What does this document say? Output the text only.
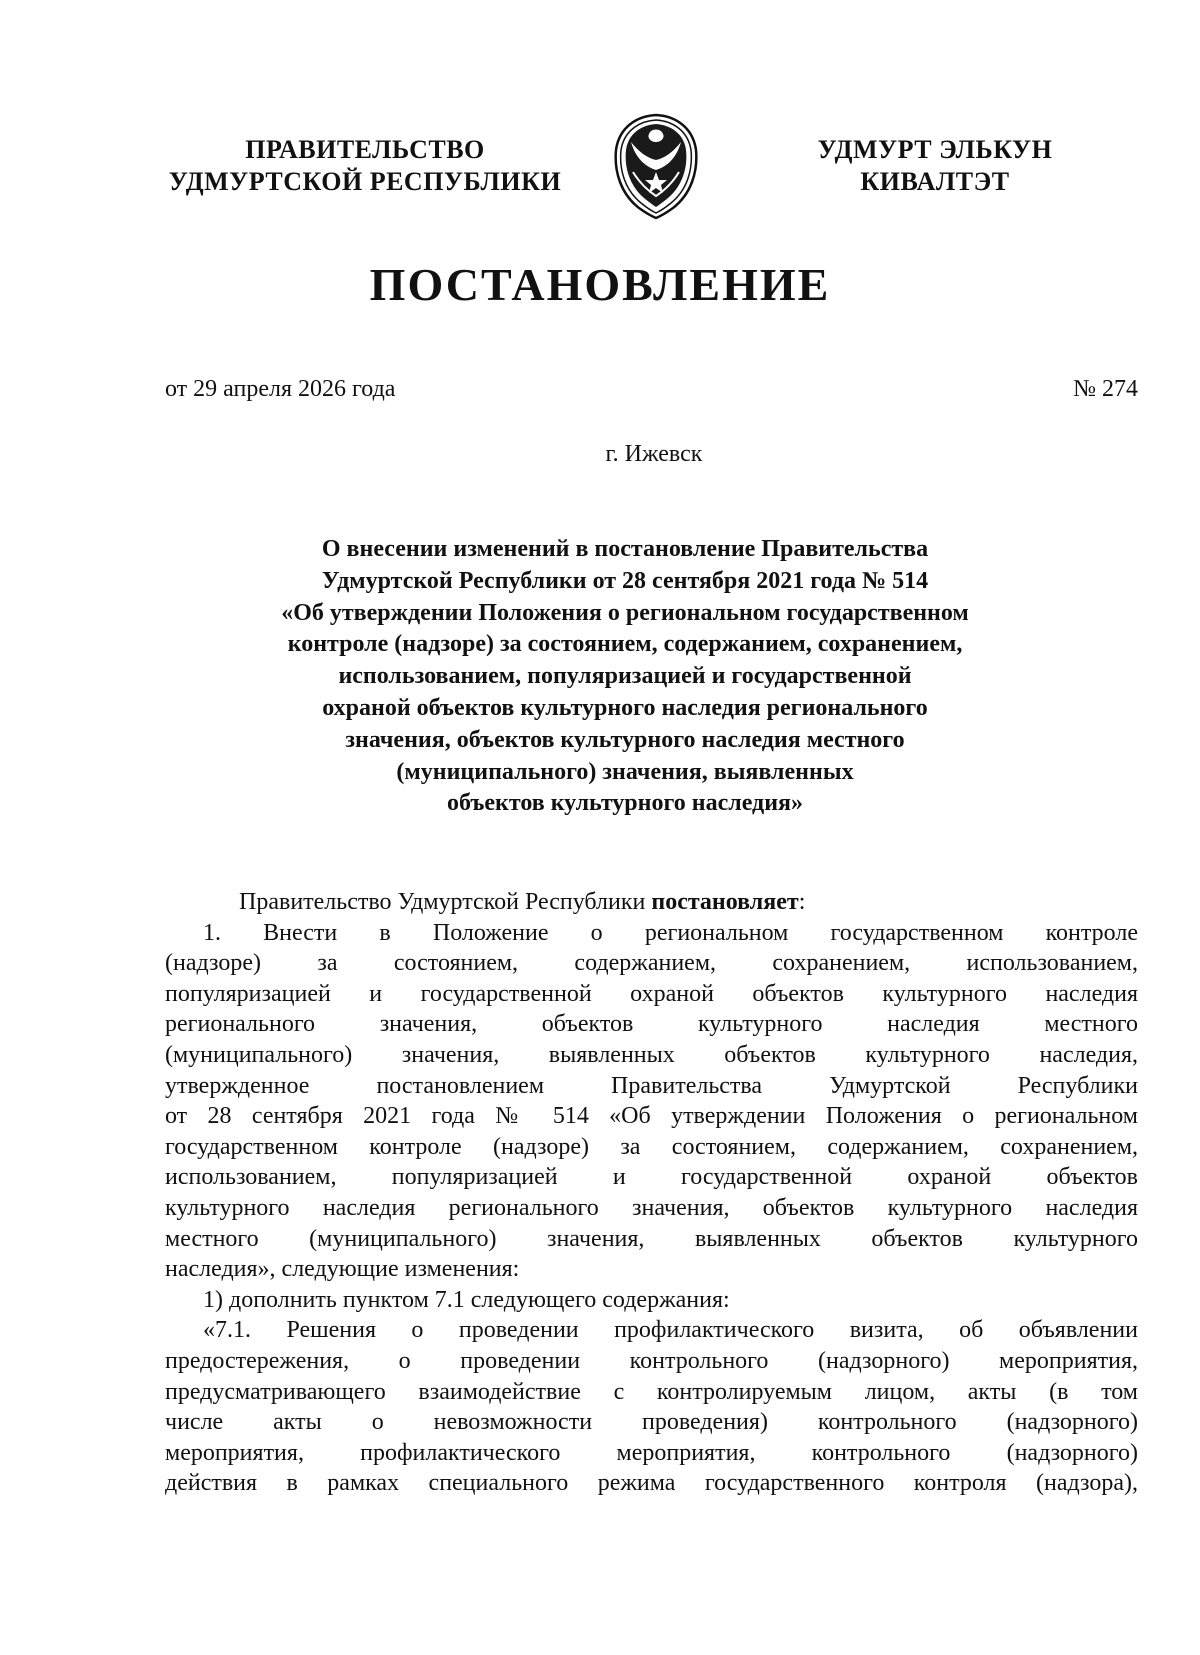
ПРАВИТЕЛЬСТВО
УДМУРТСКОЙ РЕСПУБЛИКИ
УДМУРТ ЭЛЬКУН
КИВАЛТЭТ
ПОСТАНОВЛЕНИЕ
от 29 апреля 2026 года	№ 274
г. Ижевск
О внесении изменений в постановление Правительства
Удмуртской Республики от 28 сентября 2021 года № 514
«Об утверждении Положения о региональном государственном
контроле (надзоре) за состоянием, содержанием, сохранением,
использованием, популяризацией и государственной
охраной объектов культурного наследия регионального
значения, объектов культурного наследия местного
(муниципального) значения, выявленных
объектов культурного наследия»

Правительство Удмуртской Республики постановляет:

1. Внести в Положение о региональном государственном контроле

(надзоре) за состоянием, содержанием, сохранением, использованием,

популяризацией и государственной охраной объектов культурного наследия

регионального значения, объектов культурного наследия местного

(муниципального) значения, выявленных объектов культурного наследия,

утвержденное постановлением Правительства Удмуртской Республики

от 28 сентября 2021 года № 514 «Об утверждении Положения о региональном

государственном контроле (надзоре) за состоянием, содержанием, сохранением,

использованием, популяризацией и государственной охраной объектов

культурного наследия регионального значения, объектов культурного наследия

местного (муниципального) значения, выявленных объектов культурного

наследия», следующие изменения:

1) дополнить пунктом 7.1 следующего содержания:

«7.1. Решения о проведении профилактического визита, об объявлении

предостережения, о проведении контрольного (надзорного) мероприятия,

предусматривающего взаимодействие с контролируемым лицом, акты (в том

числе акты о невозможности проведения) контрольного (надзорного)

мероприятия, профилактического мероприятия, контрольного (надзорного)

действия в рамках специального режима государственного контроля (надзора),
